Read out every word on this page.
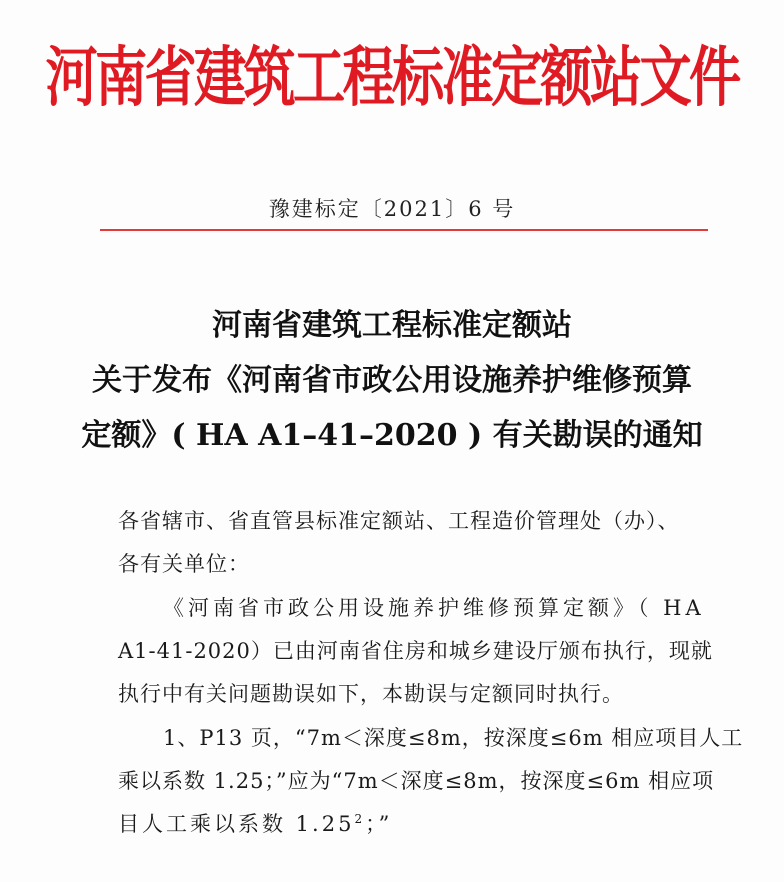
河南省建筑工程标准定额站文件
豫建标定〔2021〕6 号
河南省建筑工程标准定额站
关于发布《河南省市政公用设施养护维修预算
定额》( HA A1–41–2020 ) 有关勘误的通知
各省辖市、省直管县标准定额站、工程造价管理处（办）、
各有关单位：
《河南省市政公用设施养护维修预算定额》（ HA
A1-41-2020）已由河南省住房和城乡建设厅颁布执行，现就
执行中有关问题勘误如下，本勘误与定额同时执行。
1、P13 页，“7m＜深度≤8m，按深度≤6m 相应项目人工
乘以系数 1.25；”应为“7m＜深度≤8m，按深度≤6m 相应项
目人工乘以系数 1.25$^2$；”
